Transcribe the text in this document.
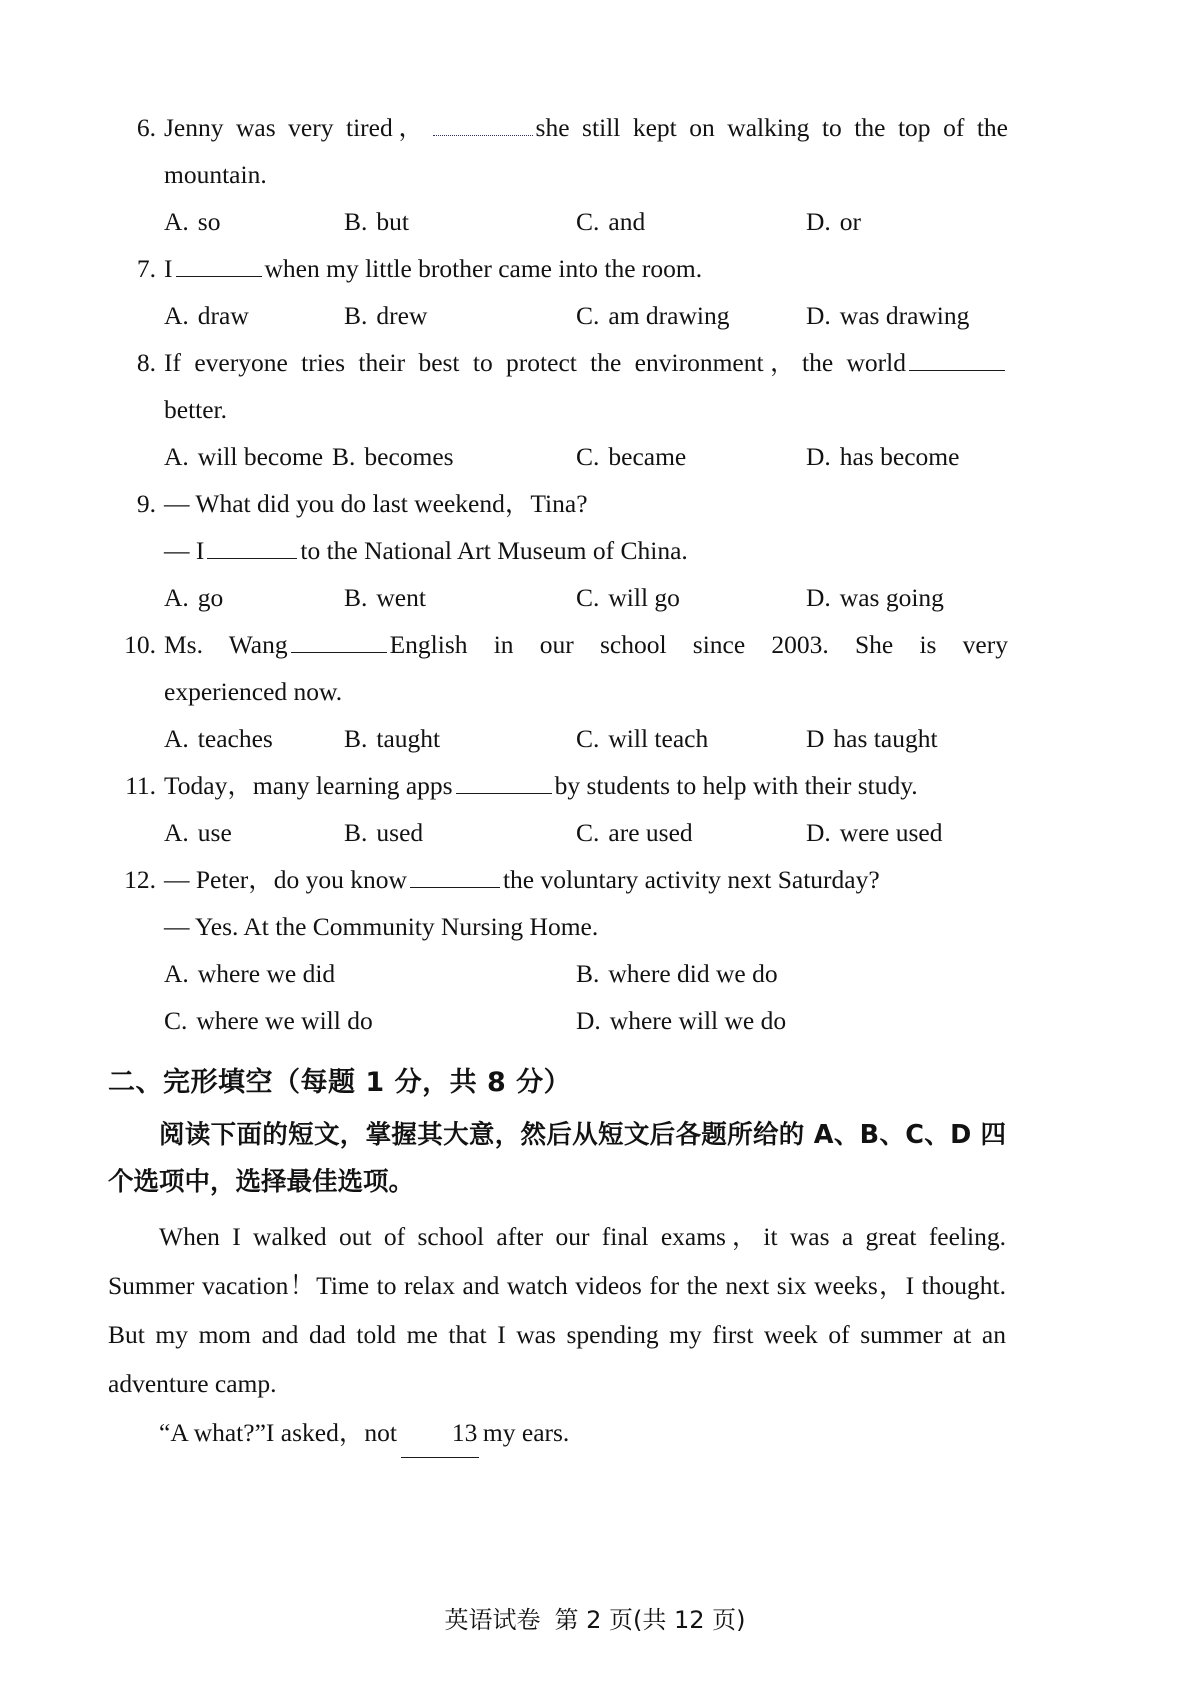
6. Jenny was very tired，	she still kept on walking to the top of the
mountain.
A. so	B. but	C. and	D. or
7. I	when my little brother came into the room.
A. draw	B. drew	C. am drawing	D. was drawing
8. If everyone tries their best to protect the environment，the world
better.
A. will become B. becomes	C. became	D. has become
9. — What did you do last weekend，Tina?
— I	to the National Art Museum of China.
A. go	B. went	C. will go	D. was going
10. Ms. Wang	English in our school since 2003. She is very
experienced now.
A. teaches	B. taught	C. will teach	D has taught
11. Today，many learning apps	by students to help with their study.
A. use	B. used	C. are used	D. were used
12. — Peter，do you know	the voluntary activity next Saturday?
— Yes. At the Community Nursing Home.
A. where we did	B. where did we do
C. where we will do	D. where will we do
二、完形填空（每题 1 分，共 8 分）

阅读下面的短文，掌握其大意，然后从短文后各题所给的 A、B、C、D 四个选项中，选择最佳选项。

When I walked out of school after our final exams，it was a great feeling. Summer vacation！Time to relax and watch videos for the next six weeks，I thought. But my mom and dad told me that I was spending my first week of summer at an adventure camp.

“A what?”I asked，not 13 my ears.

英语试卷 第 2 页(共 12 页)
